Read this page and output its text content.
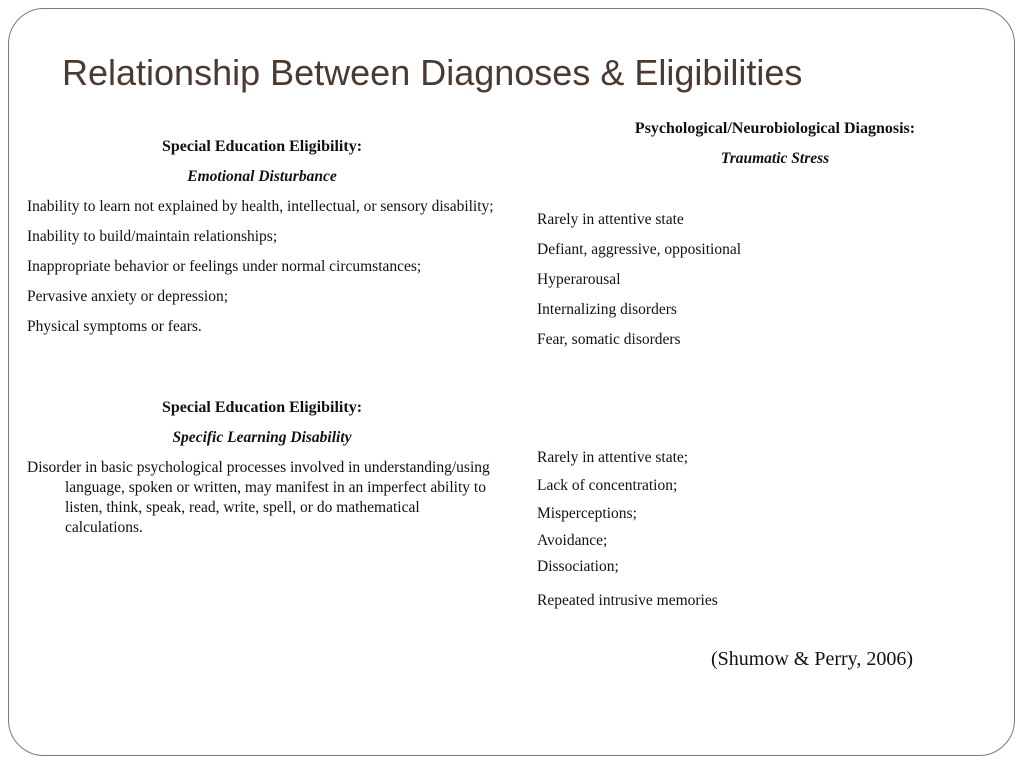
Relationship Between Diagnoses & Eligibilities
Special Education Eligibility:
Emotional Disturbance

Inability to learn not explained by health, intellectual, or sensory disability;

Inability to build/maintain relationships;

Inappropriate behavior or feelings under normal circumstances;

Pervasive anxiety or depression;

Physical symptoms or fears.

Special Education Eligibility:
Specific Learning Disability

Disorder in basic psychological processes involved in understanding/using language, spoken or written, may manifest in an imperfect ability to listen, think, speak, read, write, spell, or do mathematical calculations.

Psychological/Neurobiological Diagnosis:
Traumatic Stress
Rarely in attentive state
Defiant, aggressive, oppositional
Hyperarousal
Internalizing disorders
Fear, somatic disorders
Rarely in attentive state;
Lack of concentration;
Misperceptions;
Avoidance;
Dissociation;
Repeated intrusive memories
(Shumow & Perry, 2006)
